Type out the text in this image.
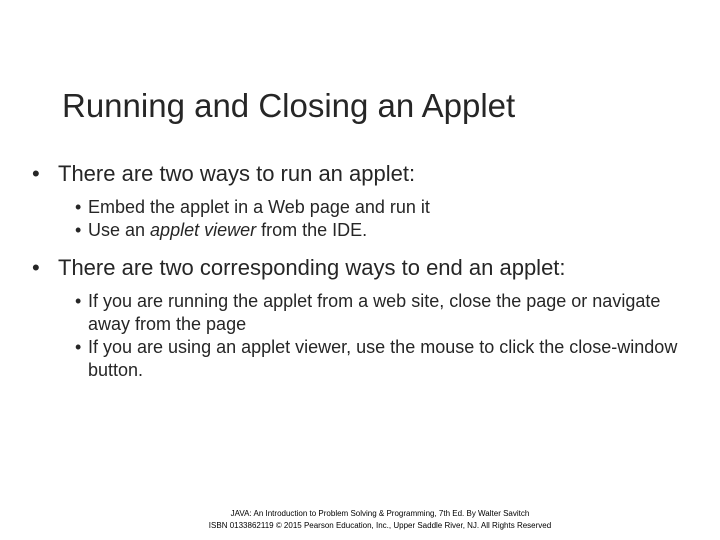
Running and Closing an Applet
• There are two ways to run an applet:
• Embed the applet in a Web page and run it
• Use an applet viewer from the IDE.
• There are two corresponding ways to end an applet:
• If you are running the applet from a web site, close the page or navigate away from the page
• If you are using an applet viewer, use the mouse to click the close-window button.
JAVA: An Introduction to Problem Solving & Programming, 7th Ed. By Walter Savitch
ISBN 0133862119 © 2015 Pearson Education, Inc., Upper Saddle River, NJ. All Rights Reserved
